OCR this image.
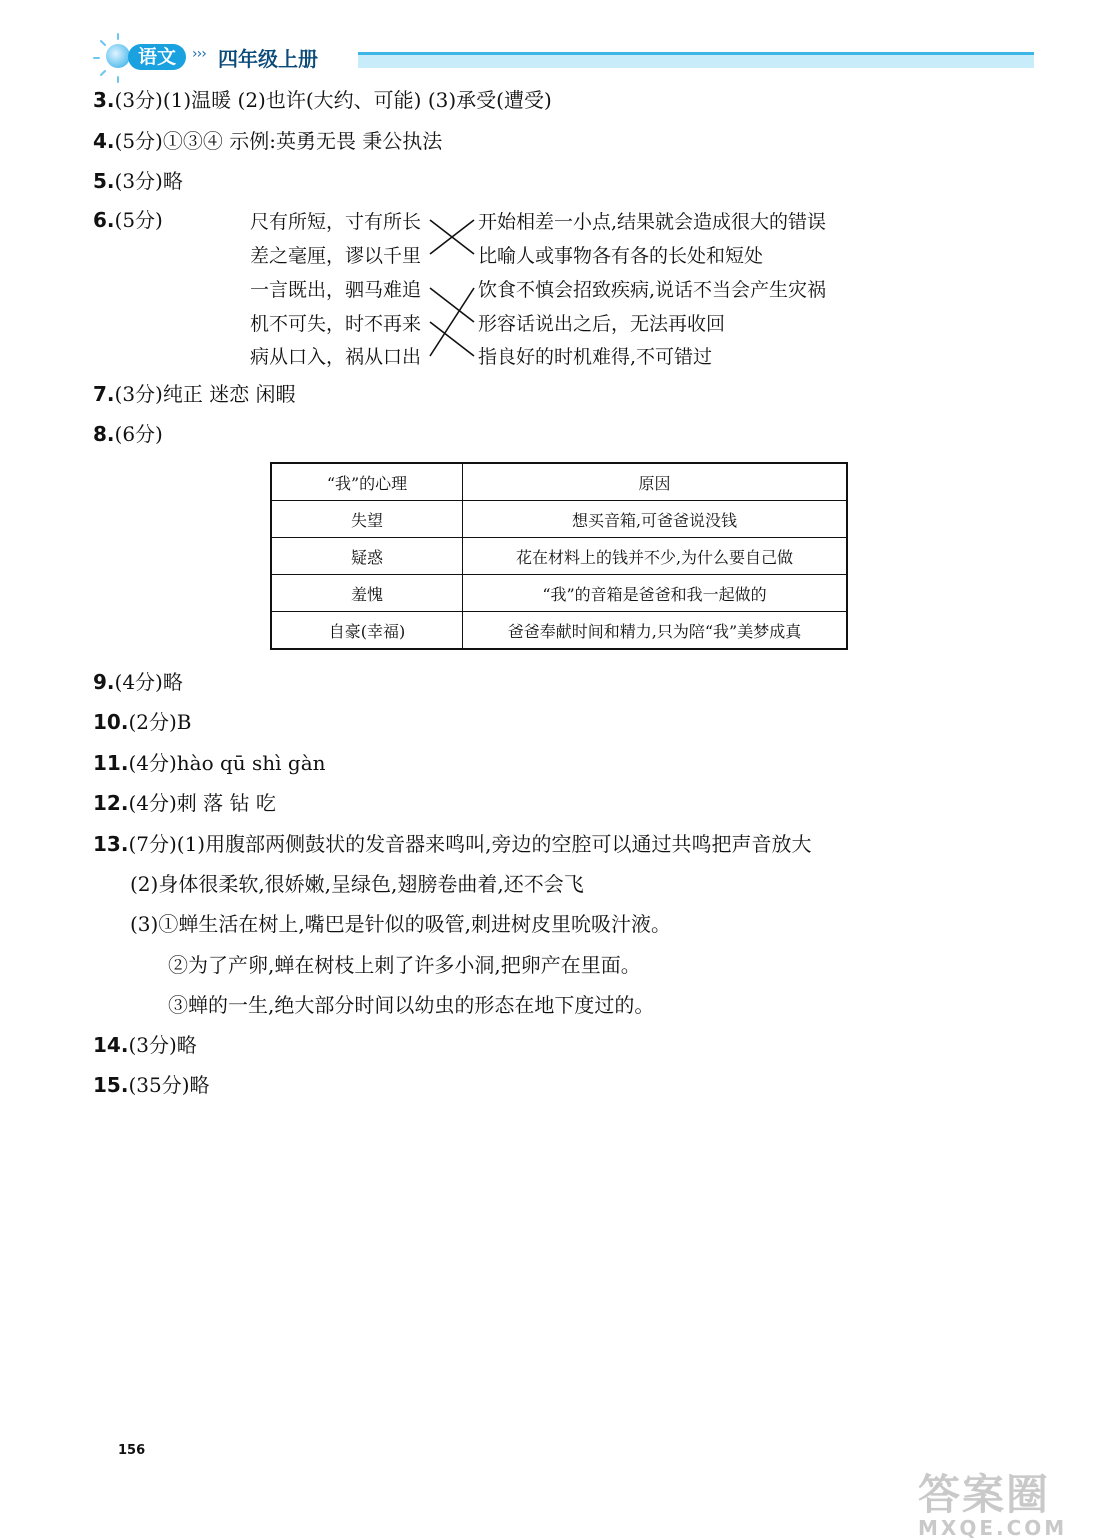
语文	››› 四年级上册
3.(3分)(1)温暖 (2)也许(大约、可能) (3)承受(遭受)
4.(5分)①③④ 示例:英勇无畏 秉公执法
5.(3分)略
6.(5分)	尺有所短，寸有所长
差之毫厘，谬以千里
一言既出，驷马难追
机不可失，时不再来
病从口入，祸从口出
开始相差一小点,结果就会造成很大的错误
比喻人或事物各有各的长处和短处
饮食不慎会招致疾病,说话不当会产生灾祸
形容话说出之后，无法再收回
指良好的时机难得,不可错过
7.(3分)纯正 迷恋 闲暇
8.(6分)
“我”的心理	原因
失望	想买音箱,可爸爸说没钱
疑惑	花在材料上的钱并不少,为什么要自己做
羞愧	“我”的音箱是爸爸和我一起做的
自豪(幸福)	爸爸奉献时间和精力,只为陪“我”美梦成真
9.(4分)略
10.(2分)B
11.(4分)hào qū shì gàn
12.(4分)刺 落 钻 吃
13.(7分)(1)用腹部两侧鼓状的发音器来鸣叫,旁边的空腔可以通过共鸣把声音放大
(2)身体很柔软,很娇嫩,呈绿色,翅膀卷曲着,还不会飞
(3)①蝉生活在树上,嘴巴是针似的吸管,刺进树皮里吮吸汁液。
②为了产卵,蝉在树枝上刺了许多小洞,把卵产在里面。
③蝉的一生,绝大部分时间以幼虫的形态在地下度过的。
14.(3分)略
15.(35分)略
156
答案圈
MXQE.COM
